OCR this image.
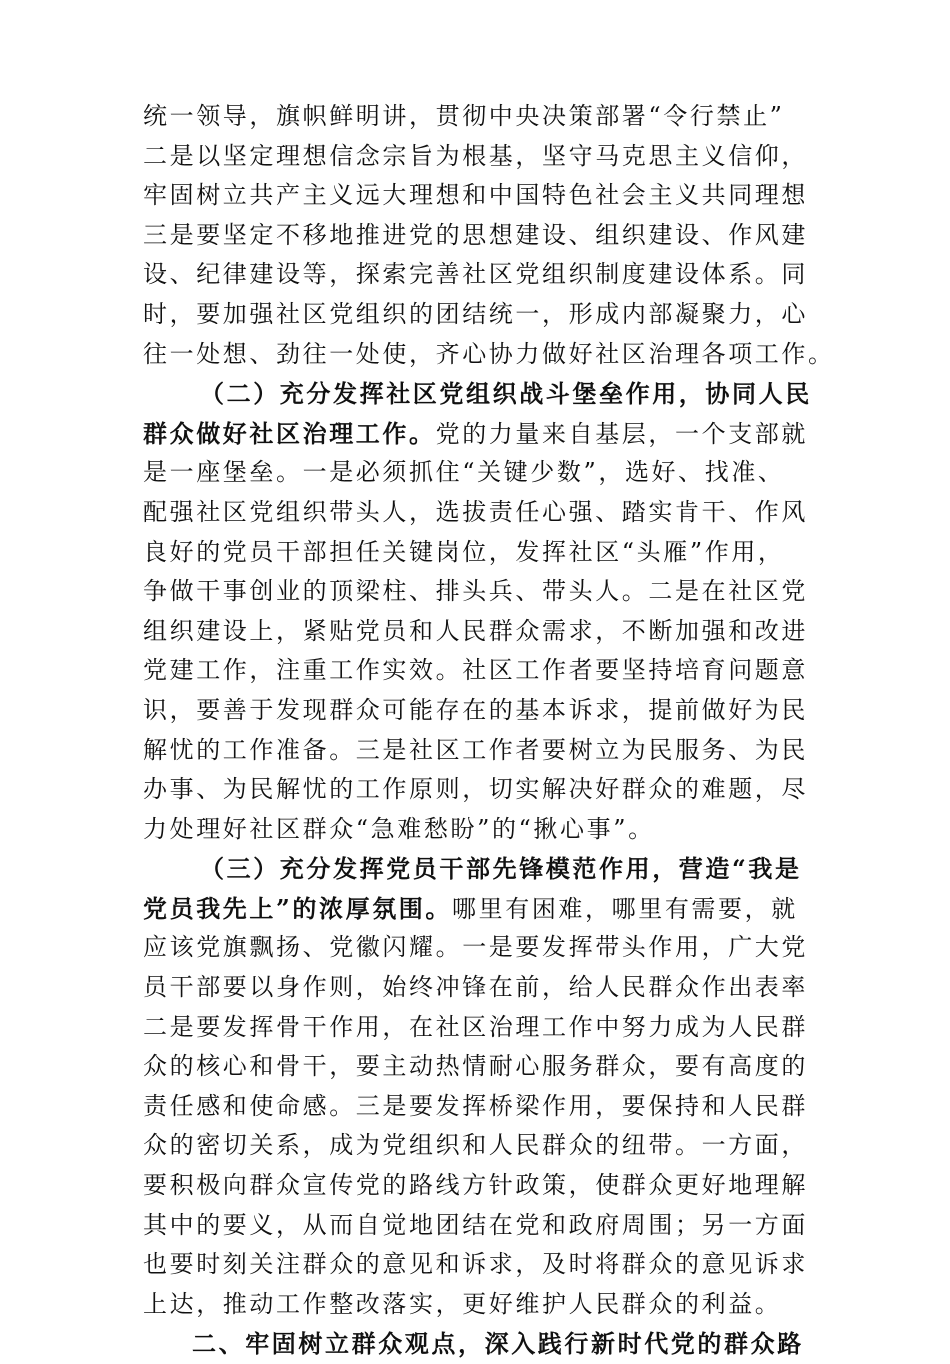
统一领导，旗帜鲜明讲，贯彻中央决策部署“令行禁止”
二是以坚定理想信念宗旨为根基，坚守马克思主义信仰，
牢固树立共产主义远大理想和中国特色社会主义共同理想
三是要坚定不移地推进党的思想建设、组织建设、作风建
设、纪律建设等，探索完善社区党组织制度建设体系。同
时，要加强社区党组织的团结统一，形成内部凝聚力，心
往一处想、劲往一处使，齐心协力做好社区治理各项工作。
（二）充分发挥社区党组织战斗堡垒作用，协同人民
群众做好社区治理工作。党的力量来自基层，一个支部就
是一座堡垒。一是必须抓住“关键少数”，选好、找准、
配强社区党组织带头人，选拔责任心强、踏实肯干、作风
良好的党员干部担任关键岗位，发挥社区“头雁”作用，
争做干事创业的顶梁柱、排头兵、带头人。二是在社区党
组织建设上，紧贴党员和人民群众需求，不断加强和改进
党建工作，注重工作实效。社区工作者要坚持培育问题意
识，要善于发现群众可能存在的基本诉求，提前做好为民
解忧的工作准备。三是社区工作者要树立为民服务、为民
办事、为民解忧的工作原则，切实解决好群众的难题，尽
力处理好社区群众“急难愁盼”的“揪心事”。
（三）充分发挥党员干部先锋模范作用，营造“我是
党员我先上”的浓厚氛围。哪里有困难，哪里有需要，就
应该党旗飘扬、党徽闪耀。一是要发挥带头作用，广大党
员干部要以身作则，始终冲锋在前，给人民群众作出表率
二是要发挥骨干作用，在社区治理工作中努力成为人民群
众的核心和骨干，要主动热情耐心服务群众，要有高度的
责任感和使命感。三是要发挥桥梁作用，要保持和人民群
众的密切关系，成为党组织和人民群众的纽带。一方面，
要积极向群众宣传党的路线方针政策，使群众更好地理解
其中的要义，从而自觉地团结在党和政府周围；另一方面
也要时刻关注群众的意见和诉求，及时将群众的意见诉求
上达，推动工作整改落实，更好维护人民群众的利益。
二、牢固树立群众观点，深入践行新时代党的群众路
